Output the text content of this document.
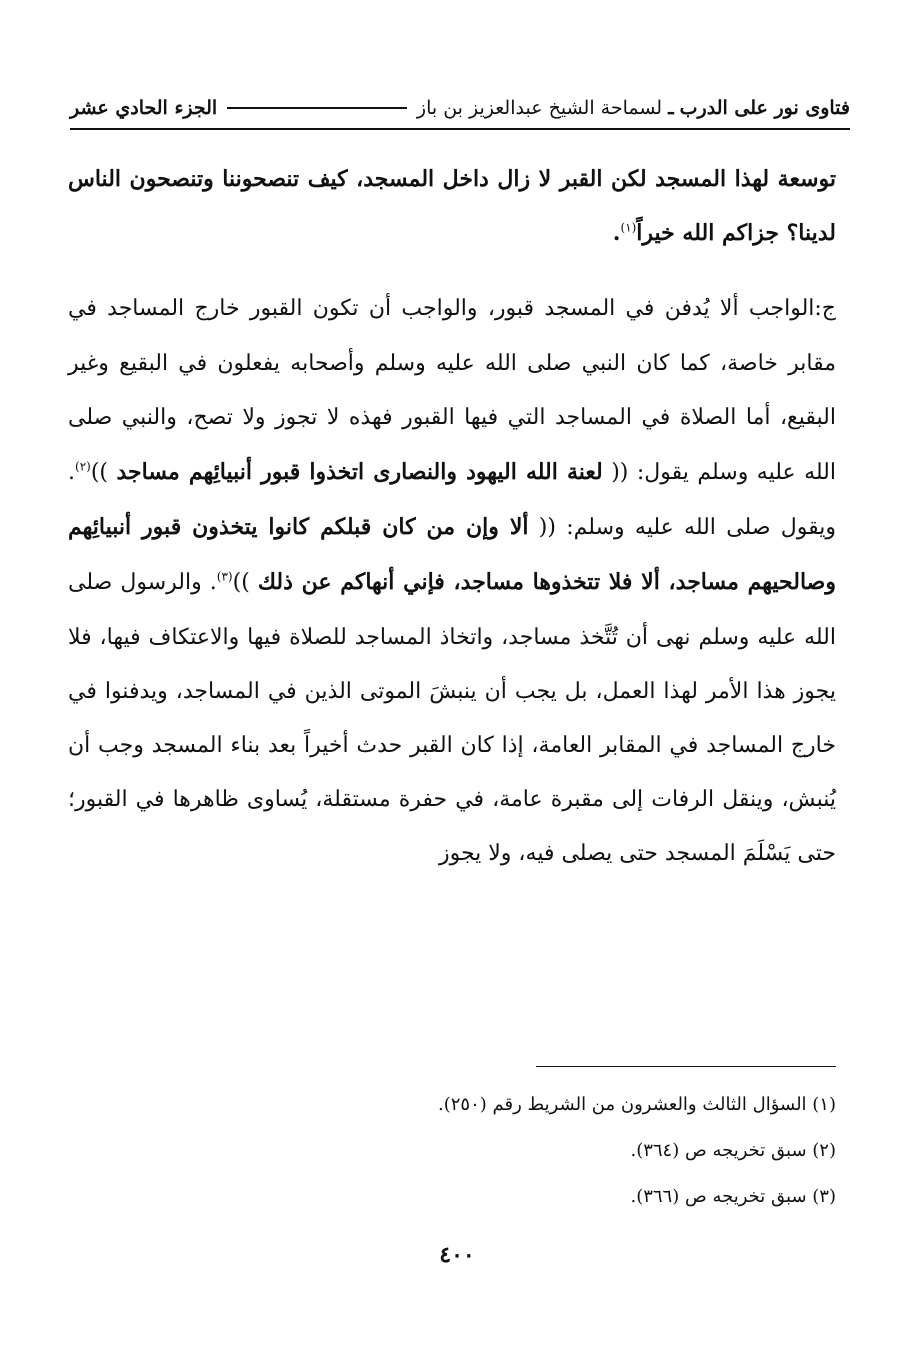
فتاوى نور على الدرب
ـ
لسماحة الشيخ عبدالعزيز بن باز
الجزء الحادي عشر

توسعة لهذا المسجد لكن القبر لا زال داخل المسجد، كيف تنصحوننا وتنصحون الناس لدينا؟ جزاكم الله خيراً$^{(١)}$.

ج:الواجب ألا يُدفن في المسجد قبور، والواجب أن تكون القبور خارج المساجد في مقابر خاصة، كما كان النبي صلى الله عليه وسلم وأصحابه يفعلون في البقيع وغير البقيع، أما الصلاة في المساجد التي فيها القبور فهذه لا تجوز ولا تصح، والنبي صلى الله عليه وسلم يقول: (( لعنة الله اليهود والنصارى اتخذوا قبور أنبيائِهم مساجد ))$^{(٢)}$. ويقول صلى الله عليه وسلم: (( ألا وإن من كان قبلكم كانوا يتخذون قبور أنبيائِهم وصالحيهم مساجد، ألا فلا تتخذوها مساجد، فإني أنهاكم عن ذلك ))$^{(٣)}$. والرسول صلى الله عليه وسلم نهى أن تُتَّخذ مساجد، واتخاذ المساجد للصلاة فيها والاعتكاف فيها، فلا يجوز هذا الأمر لهذا العمل، بل يجب أن ينبشَ الموتى الذين في المساجد، ويدفنوا في خارج المساجد في المقابر العامة، إذا كان القبر حدث أخيراً بعد بناء المسجد وجب أن يُنبش، وينقل الرفات إلى مقبرة عامة، في حفرة مستقلة، يُساوى ظاهرها في القبور؛ حتى يَسْلَمَ المسجد حتى يصلى فيه، ولا يجوز

(١) السؤال الثالث والعشرون من الشريط رقم (٢٥٠).
(٢) سبق تخريجه ص (٣٦٤).
(٣) سبق تخريجه ص (٣٦٦).
٤٠٠
